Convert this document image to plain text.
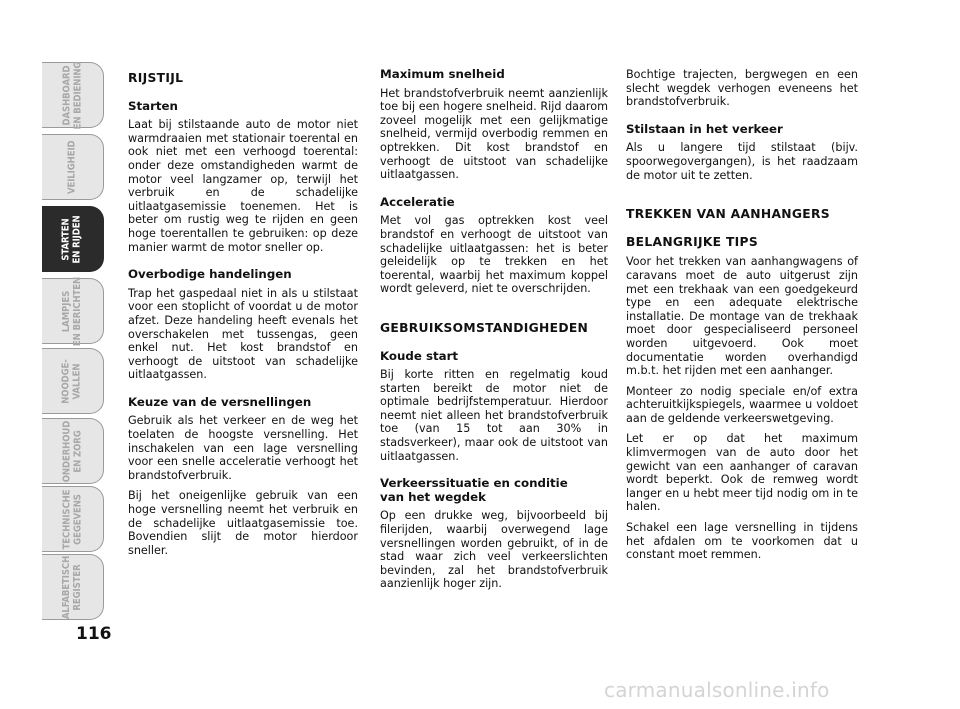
DASHBOARD EN BEDIENING
VEILIGHEID
STARTEN EN RIJDEN
LAMPJES EN BERICHTEN
NOODGE- VALLEN
ONDERHOUD EN ZORG
TECHNISCHE GEGEVENS
ALFABETISCH REGISTER
116
RIJSTIJL
Starten

Laat bij stilstaande auto de motor niet warmdraaien met stationair toerental en ook niet met een verhoogd toerental: onder deze omstandigheden warmt de motor veel langzamer op, terwijl het verbruik en de schadelijke uitlaatgasemissie toenemen. Het is beter om rustig weg te rijden en geen hoge toerentallen te gebruiken: op deze manier warmt de motor sneller op.

Overbodige handelingen

Trap het gaspedaal niet in als u stilstaat voor een stoplicht of voordat u de motor afzet. Deze handeling heeft evenals het overschakelen met tussengas, geen enkel nut. Het kost brandstof en verhoogt de uitstoot van schadelijke uitlaatgassen.

Keuze van de versnellingen

Gebruik als het verkeer en de weg het toelaten de hoogste versnelling. Het inschakelen van een lage versnelling voor een snelle acceleratie verhoogt het brandstofverbruik.

Bij het oneigenlijke gebruik van een hoge versnelling neemt het verbruik en de schadelijke uitlaatgasemissie toe. Bovendien slijt de motor hierdoor sneller.

Maximum snelheid

Het brandstofverbruik neemt aanzienlijk toe bij een hogere snelheid. Rijd daarom zoveel mogelijk met een gelijkmatige snelheid, vermijd overbodig remmen en optrekken. Dit kost brandstof en verhoogt de uitstoot van schadelijke uitlaatgassen.

Acceleratie

Met vol gas optrekken kost veel brandstof en verhoogt de uitstoot van schadelijke uitlaatgassen: het is beter geleidelijk op te trekken en het toerental, waarbij het maximum koppel wordt geleverd, niet te overschrijden.

GEBRUIKSOMSTANDIGHEDEN
Koude start

Bij korte ritten en regelmatig koud starten bereikt de motor niet de optimale bedrijfstemperatuur. Hierdoor neemt niet alleen het brandstofverbruik toe (van 15 tot aan 30% in stadsverkeer), maar ook de uitstoot van uitlaatgassen.

Verkeerssituatie en conditie
van het wegdek

Op een drukke weg, bijvoorbeeld bij filerijden, waarbij overwegend lage versnellingen worden gebruikt, of in de stad waar zich veel verkeerslichten bevinden, zal het brandstofverbruik aanzienlijk hoger zijn.

Bochtige trajecten, bergwegen en een slecht wegdek verhogen eveneens het brandstofverbruik.

Stilstaan in het verkeer

Als u langere tijd stilstaat (bijv. spoorwegovergangen), is het raadzaam de motor uit te zetten.

TREKKEN VAN AANHANGERS
BELANGRIJKE TIPS

Voor het trekken van aanhangwagens of caravans moet de auto uitgerust zijn met een trekhaak van een goedgekeurd type en een adequate elektrische installatie. De montage van de trekhaak moet door gespecialiseerd personeel worden uitgevoerd. Ook moet documentatie worden overhandigd m.b.t. het rijden met een aanhanger.

Monteer zo nodig speciale en/of extra achteruitkijkspiegels, waarmee u voldoet aan de geldende verkeerswetgeving.

Let er op dat het maximum klimvermogen van de auto door het gewicht van een aanhanger of caravan wordt beperkt. Ook de remweg wordt langer en u hebt meer tijd nodig om in te halen.

Schakel een lage versnelling in tijdens het afdalen om te voorkomen dat u constant moet remmen.

carmanualsonline.info
